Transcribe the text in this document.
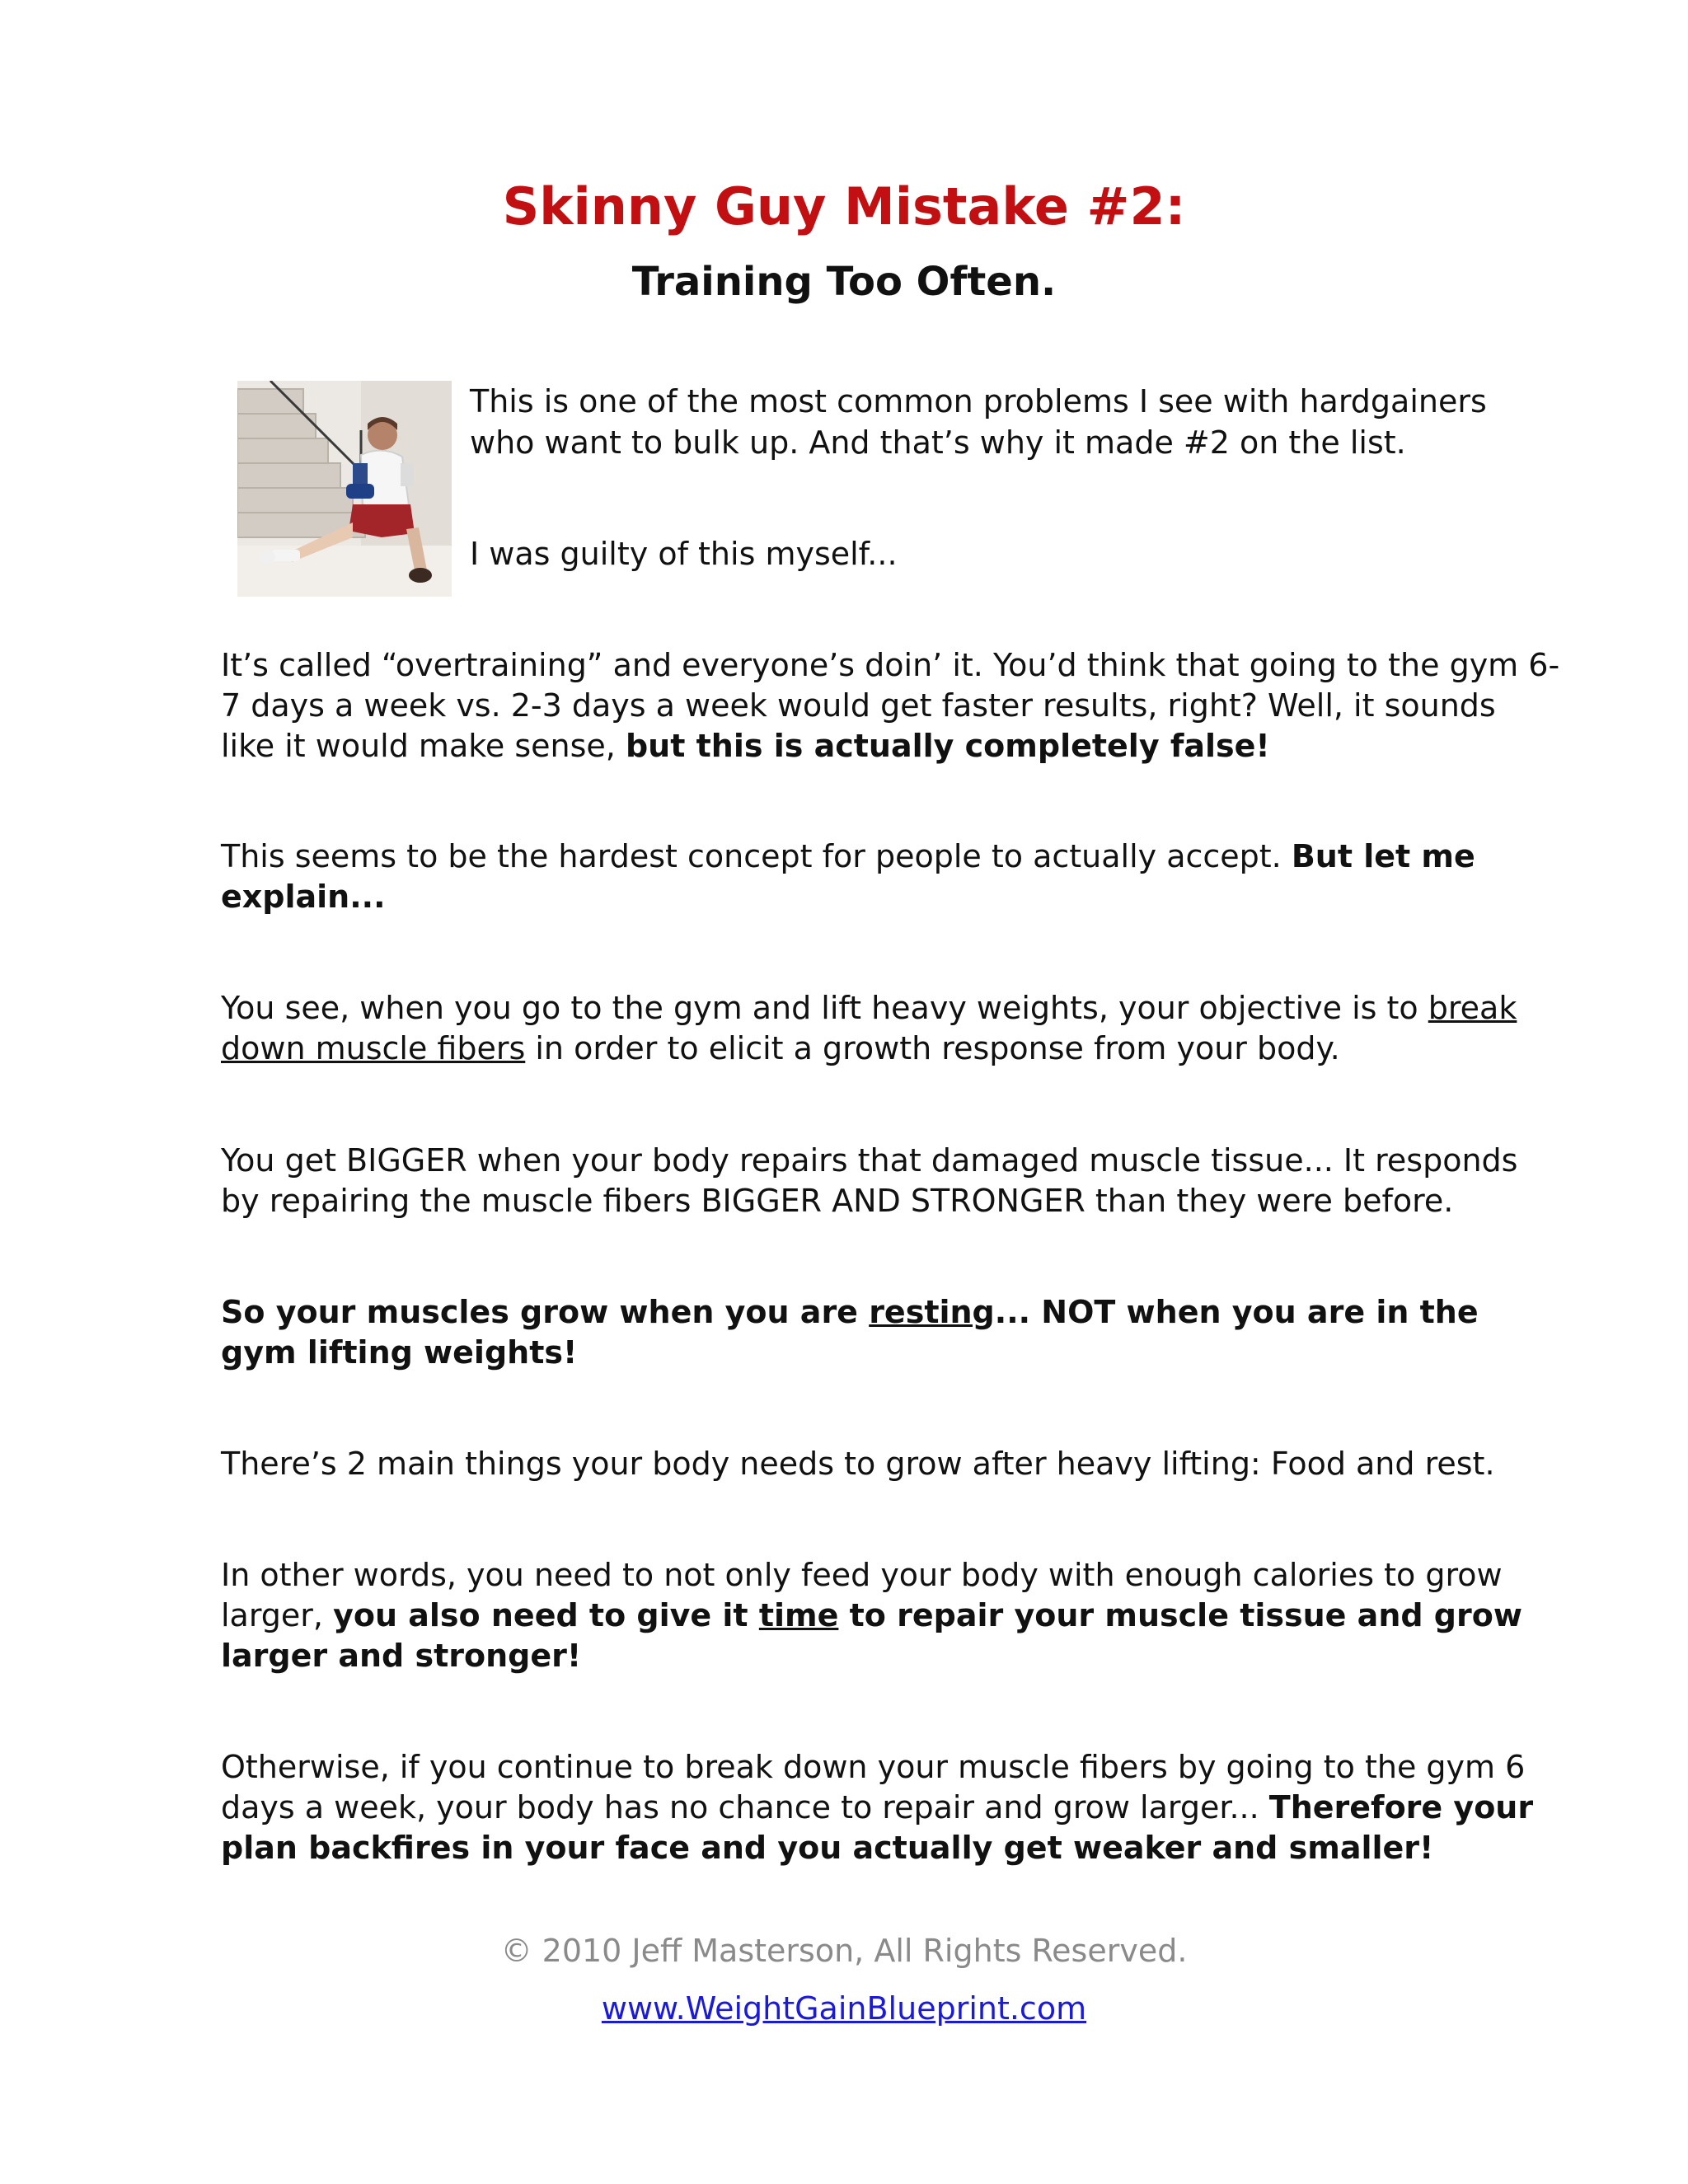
Skinny Guy Mistake #2:
Training Too Often.
This is one of the most common problems I see with hardgainers
who want to bulk up. And that’s why it made #2 on the list.
I was guilty of this myself...
It’s called “overtraining” and everyone’s doin’ it. You’d think that going to the gym 6-
7 days a week vs. 2-3 days a week would get faster results, right? Well, it sounds
like it would make sense, but this is actually completely false!
This seems to be the hardest concept for people to actually accept. But let me
explain...
You see, when you go to the gym and lift heavy weights, your objective is to break
down muscle fibers in order to elicit a growth response from your body.
You get BIGGER when your body repairs that damaged muscle tissue... It responds
by repairing the muscle fibers BIGGER AND STRONGER than they were before.
So your muscles grow when you are resting... NOT when you are in the
gym lifting weights!
There’s 2 main things your body needs to grow after heavy lifting: Food and rest.
In other words, you need to not only feed your body with enough calories to grow
larger, you also need to give it time to repair your muscle tissue and grow
larger and stronger!
Otherwise, if you continue to break down your muscle fibers by going to the gym 6
days a week, your body has no chance to repair and grow larger... Therefore your
plan backfires in your face and you actually get weaker and smaller!
© 2010 Jeff Masterson, All Rights Reserved.
www.WeightGainBlueprint.com
